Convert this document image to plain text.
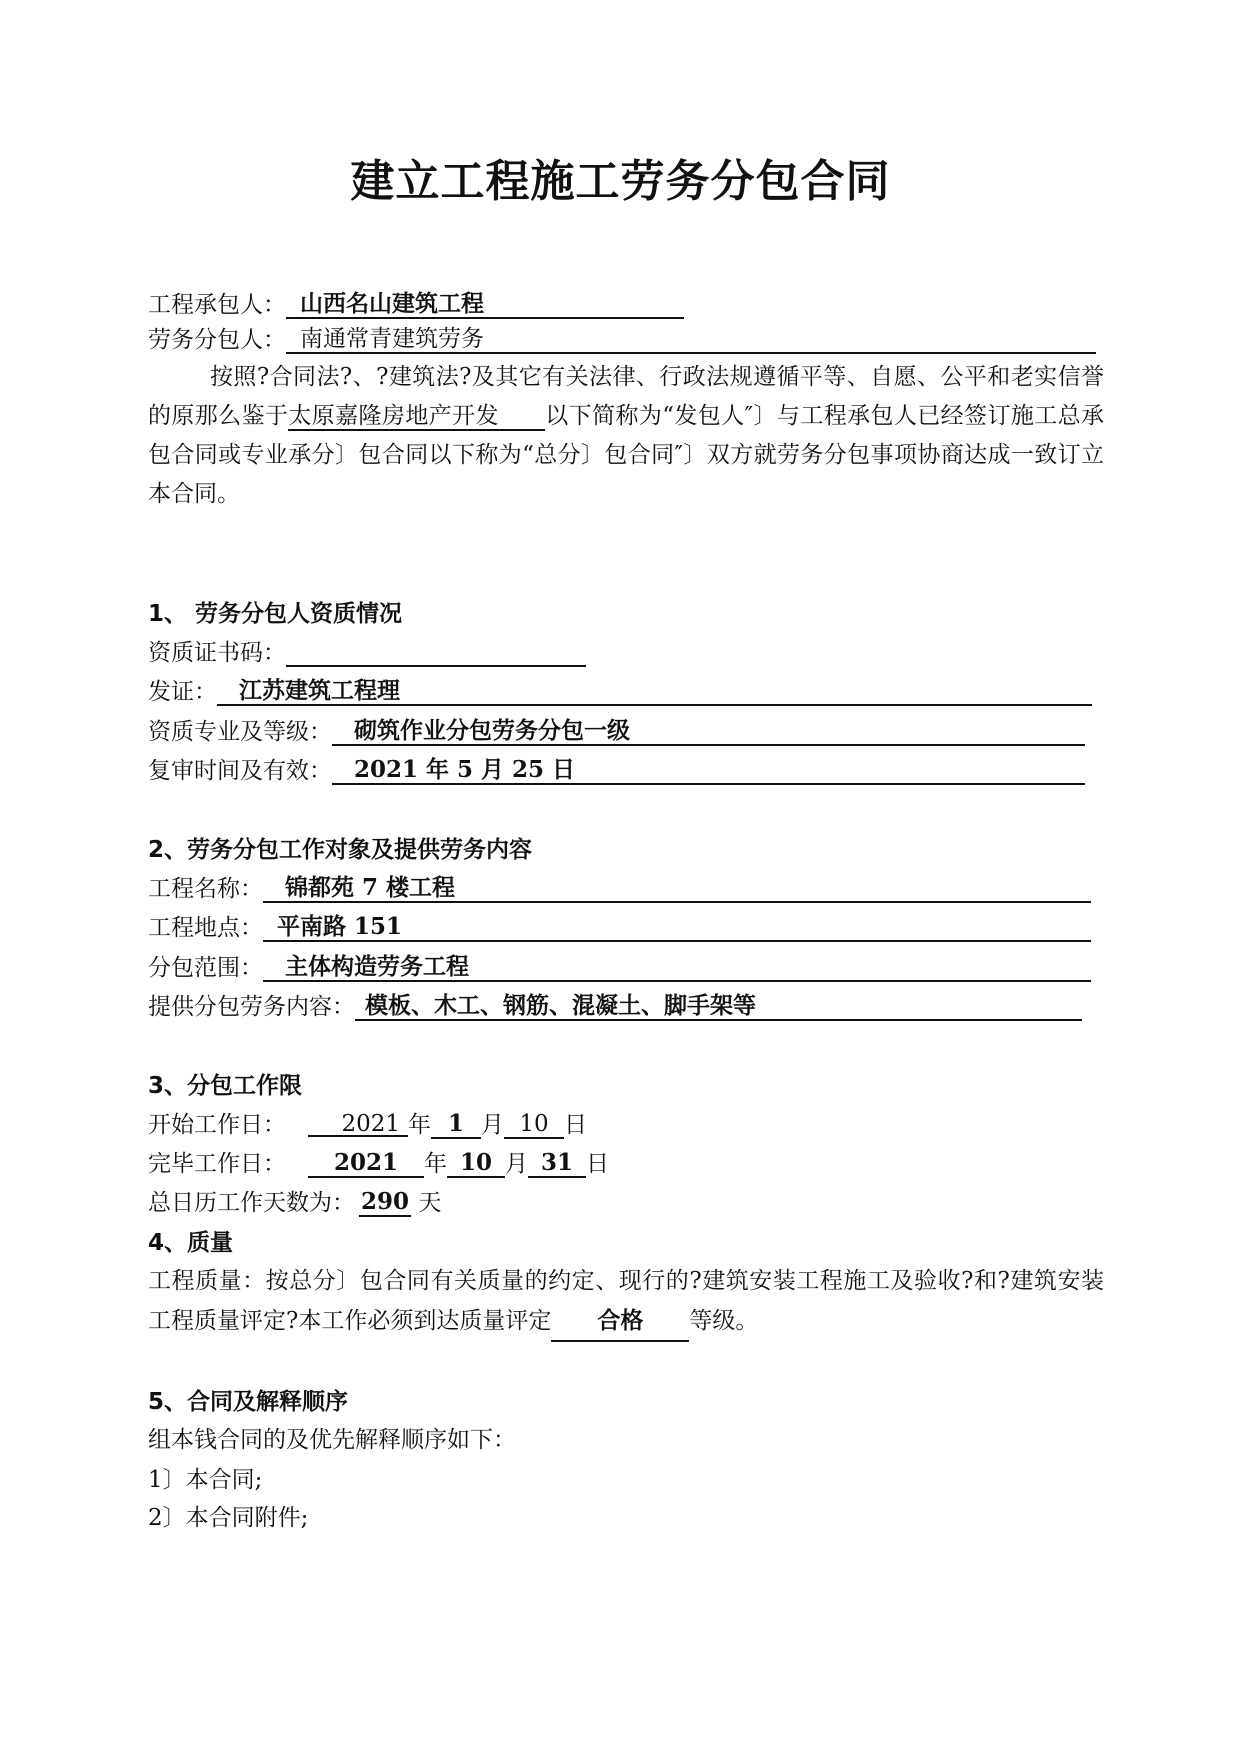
建立工程施工劳务分包合同
工程承包人： 山西名山建筑工程
劳务分包人： 南通常青建筑劳务
按照?合同法?、?建筑法?及其它有关法律、行政法规遵循平等、自愿、公平和老实信誉的原那么鉴于太原嘉隆房地产开发   以下简称为“发包人″〕与工程承包人已经签订施工总承包合同或专业承分〕包合同以下称为“总分〕包合同″〕双方就劳务分包事项协商达成一致订立本合同。
1、 劳务分包人资质情况
资质证书码：
发证： 江苏建筑工程理
资质专业及等级： 砌筑作业分包劳务分包一级
复审时间及有效： 2021 年 5 月 25 日
2、劳务分包工作对象及提供劳务内容
工程名称： 锦都苑 7 楼工程
工程地点： 平南路 151
分包范围： 主体构造劳务工程
提供分包劳务内容： 模板、木工、钢筋、混凝土、脚手架等
3、分包工作限
开始工作日： 2021 年 1 月 10 日
完毕工作日： 2021 年 10 月 31 日
总日历工作天数为： 290 天
4、质量
工程质量：按总分〕包合同有关质量的约定、现行的?建筑安装工程施工及验收?和?建筑安装工程质量评定?本工作必须到达质量评定 合格 等级。
5、合同及解释顺序
组本钱合同的及优先解释顺序如下：
1〕本合同;
2〕本合同附件;
